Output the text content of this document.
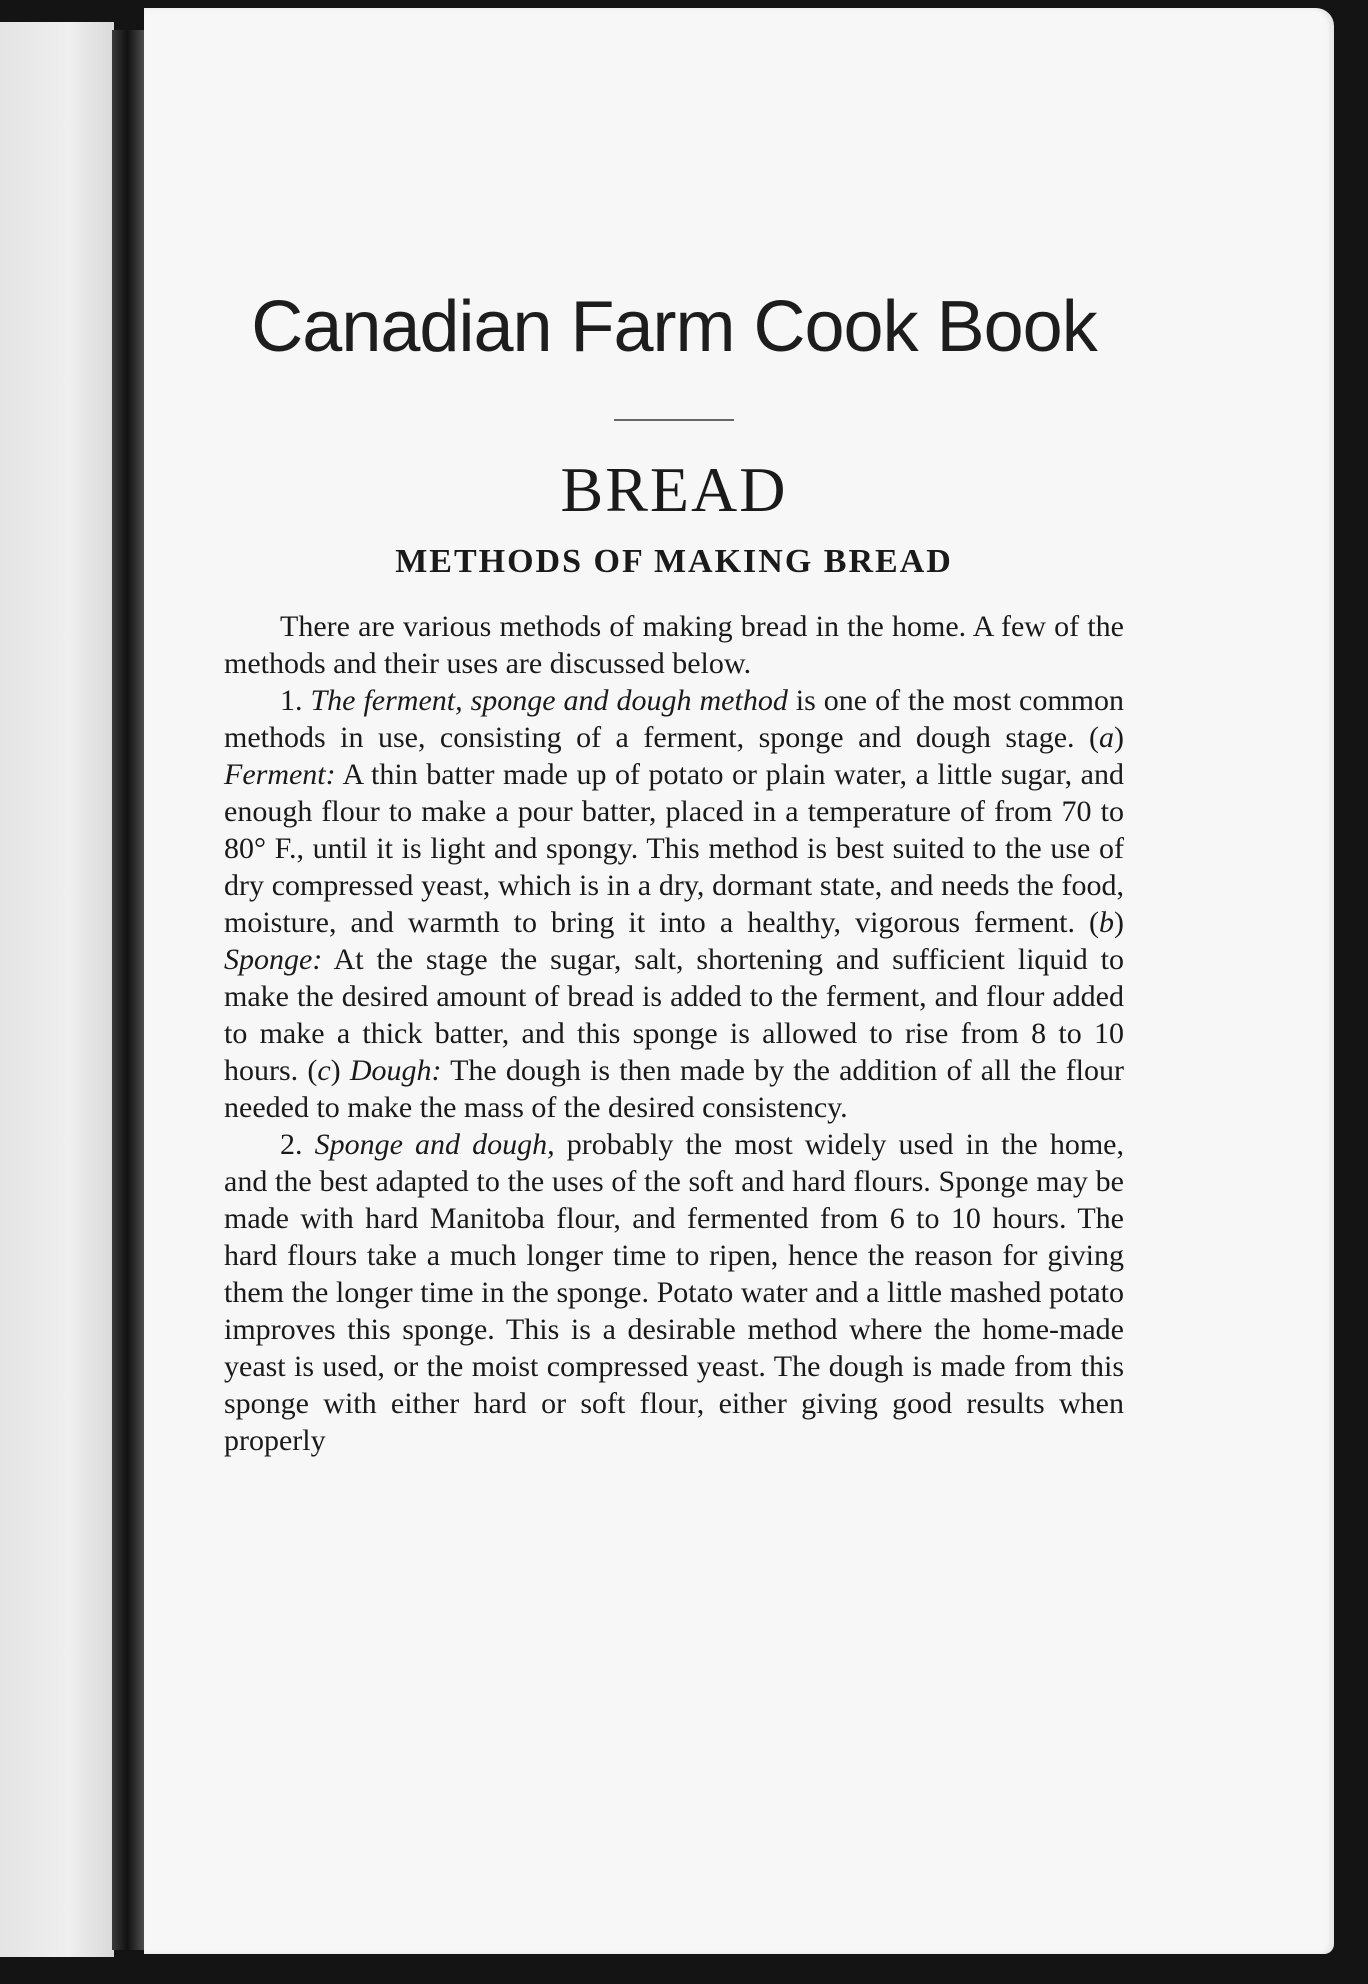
Canadian Farm Cook Book
BREAD
METHODS OF MAKING BREAD

There are various methods of making bread in the home. A few of the methods and their uses are discussed below.

1. The ferment, sponge and dough method is one of the most common methods in use, consisting of a ferment, sponge and dough stage. (a) Ferment: A thin batter made up of potato or plain water, a little sugar, and enough flour to make a pour batter, placed in a temperature of from 70 to 80° F., until it is light and spongy. This method is best suited to the use of dry compressed yeast, which is in a dry, dormant state, and needs the food, moisture, and warmth to bring it into a healthy, vigorous ferment. (b) Sponge: At the stage the sugar, salt, shortening and sufficient liquid to make the desired amount of bread is added to the ferment, and flour added to make a thick batter, and this sponge is allowed to rise from 8 to 10 hours. (c) Dough: The dough is then made by the addition of all the flour needed to make the mass of the desired consistency.

2. Sponge and dough, probably the most widely used in the home, and the best adapted to the uses of the soft and hard flours. Sponge may be made with hard Manitoba flour, and fermented from 6 to 10 hours. The hard flours take a much longer time to ripen, hence the reason for giving them the longer time in the sponge. Potato water and a little mashed potato improves this sponge. This is a desirable method where the home-made yeast is used, or the moist compressed yeast. The dough is made from this sponge with either hard or soft flour, either giving good results when properly
